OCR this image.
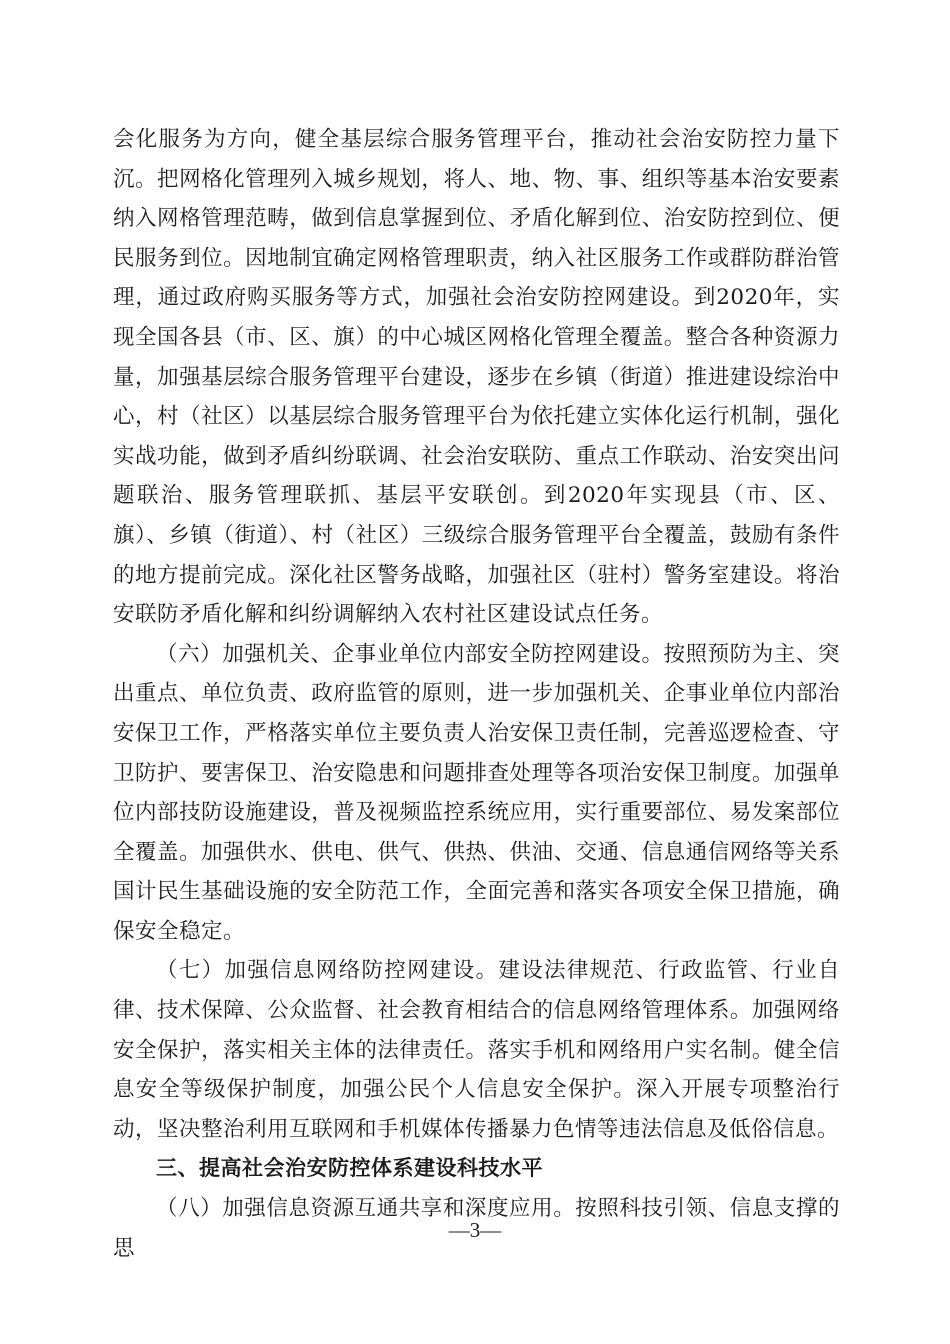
会化服务为方向，健全基层综合服务管理平台，推动社会治安防控力量下沉。把网格化管理列入城乡规划，将人、地、物、事、组织等基本治安要素纳入网格管理范畴，做到信息掌握到位、矛盾化解到位、治安防控到位、便民服务到位。因地制宜确定网格管理职责，纳入社区服务工作或群防群治管理，通过政府购买服务等方式，加强社会治安防控网建设。到2020年，实现全国各县（市、区、旗）的中心城区网格化管理全覆盖。整合各种资源力量，加强基层综合服务管理平台建设，逐步在乡镇（街道）推进建设综治中心，村（社区）以基层综合服务管理平台为依托建立实体化运行机制，强化实战功能，做到矛盾纠纷联调、社会治安联防、重点工作联动、治安突出问题联治、服务管理联抓、基层平安联创。到2020年实现县（市、区、旗）、乡镇（街道）、村（社区）三级综合服务管理平台全覆盖，鼓励有条件的地方提前完成。深化社区警务战略，加强社区（驻村）警务室建设。将治安联防矛盾化解和纠纷调解纳入农村社区建设试点任务。

（六）加强机关、企事业单位内部安全防控网建设。按照预防为主、突出重点、单位负责、政府监管的原则，进一步加强机关、企事业单位内部治安保卫工作，严格落实单位主要负责人治安保卫责任制，完善巡逻检查、守卫防护、要害保卫、治安隐患和问题排查处理等各项治安保卫制度。加强单位内部技防设施建设，普及视频监控系统应用，实行重要部位、易发案部位全覆盖。加强供水、供电、供气、供热、供油、交通、信息通信网络等关系国计民生基础设施的安全防范工作，全面完善和落实各项安全保卫措施，确保安全稳定。

（七）加强信息网络防控网建设。建设法律规范、行政监管、行业自律、技术保障、公众监督、社会教育相结合的信息网络管理体系。加强网络安全保护，落实相关主体的法律责任。落实手机和网络用户实名制。健全信息安全等级保护制度，加强公民个人信息安全保护。深入开展专项整治行动，坚决整治利用互联网和手机媒体传播暴力色情等违法信息及低俗信息。

三、提高社会治安防控体系建设科技水平

（八）加强信息资源互通共享和深度应用。按照科技引领、信息支撑的思

—3—
